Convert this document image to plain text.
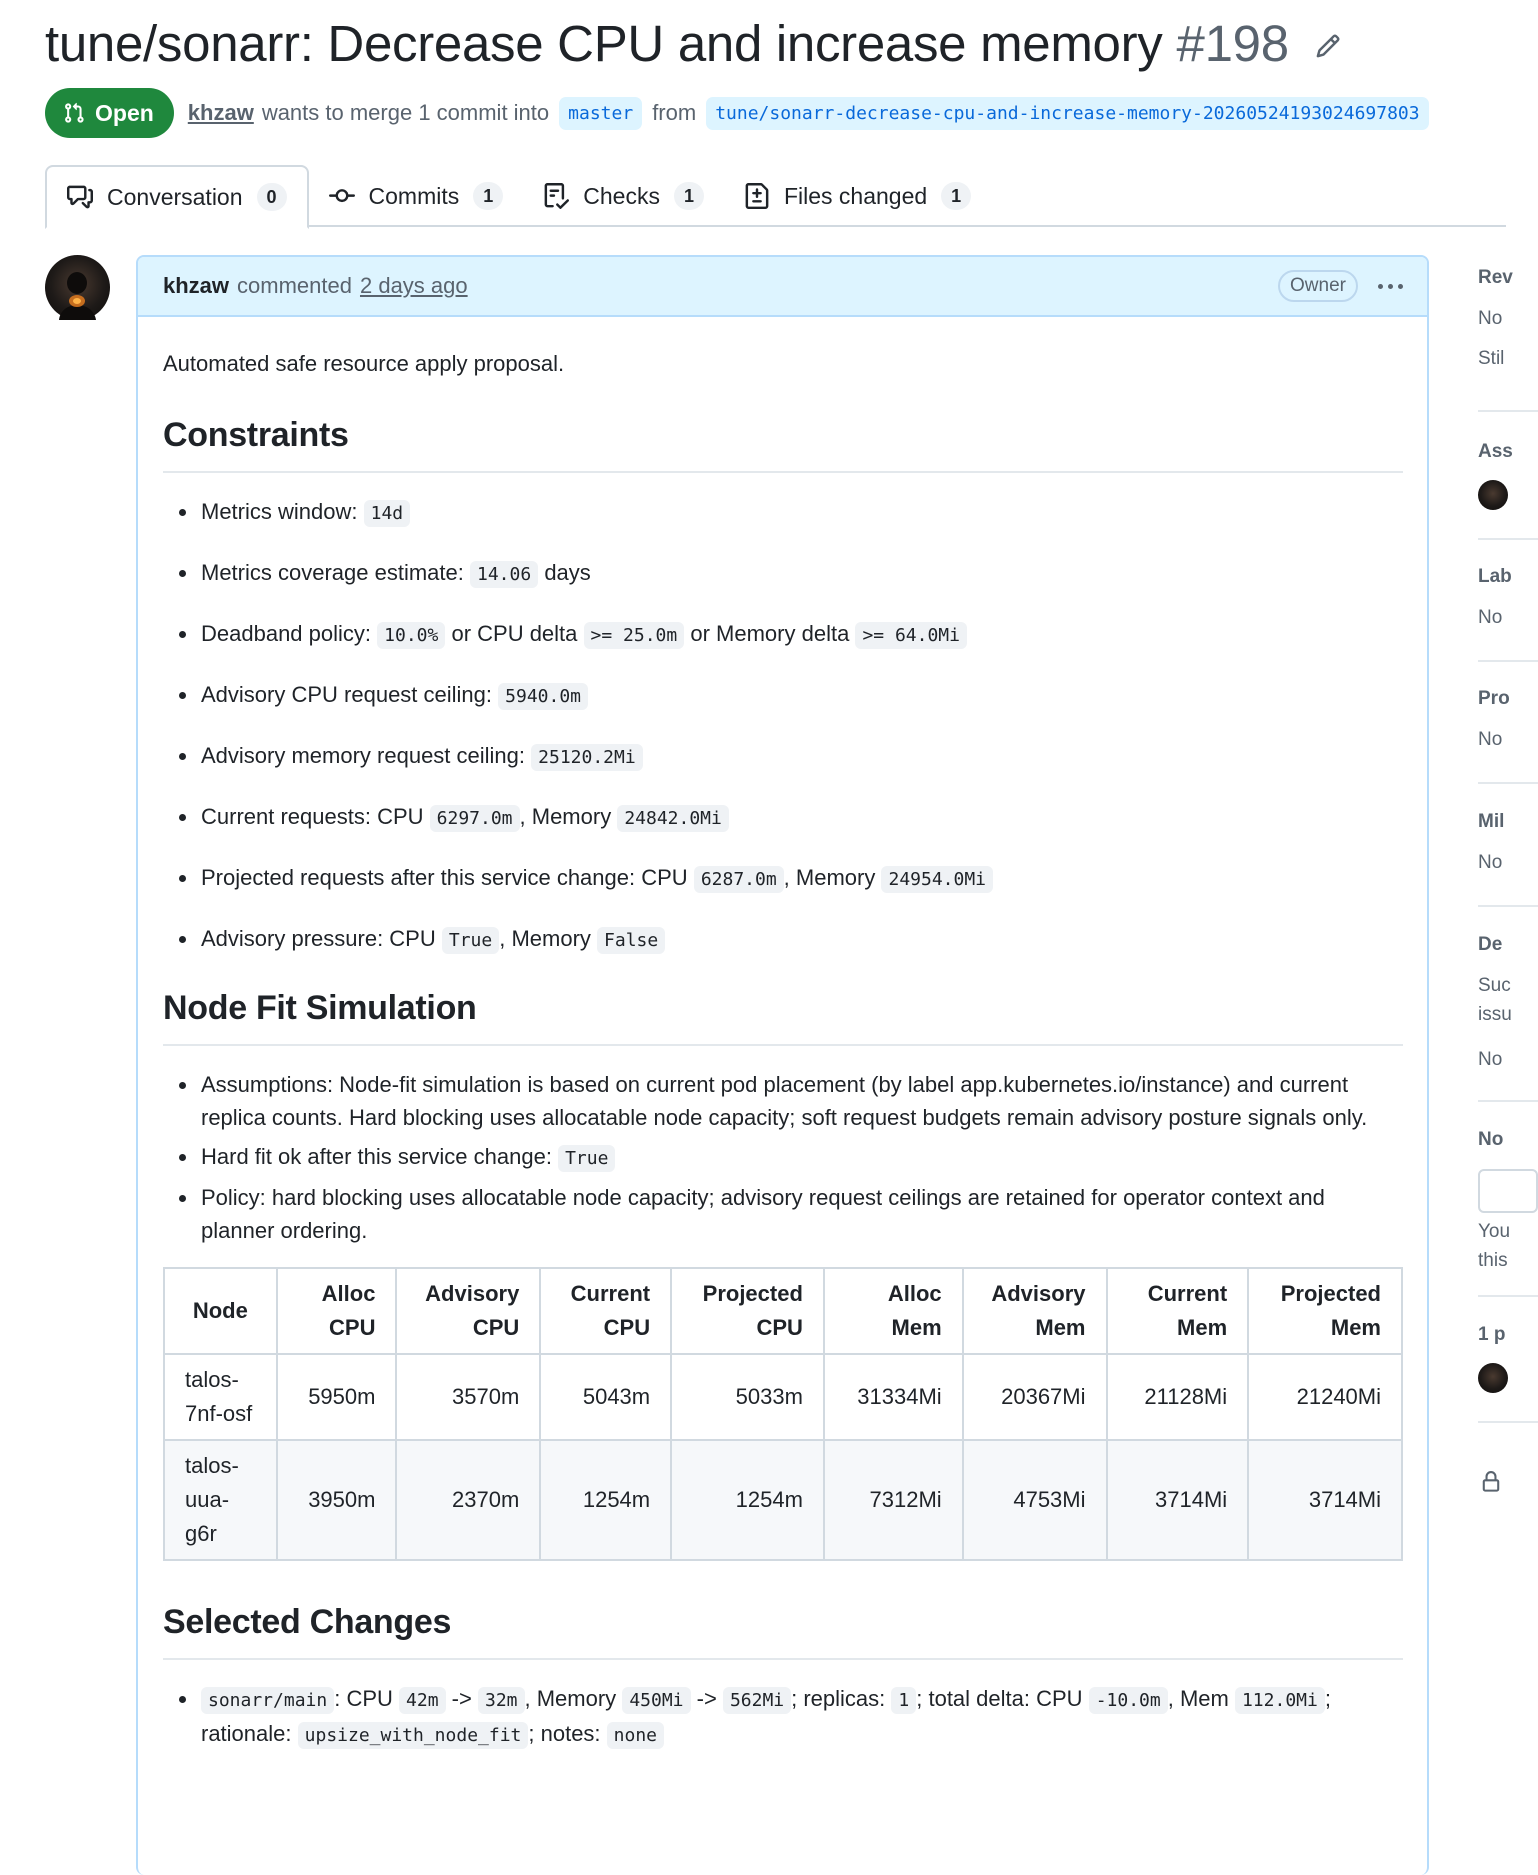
tune/sonarr: Decrease CPU and increase memory #198
Open khzaw wants to merge 1 commit into	master from	tune/sonarr-decrease-cpu-and-increase-memory-20260524193024697803
Conversation	0	Commits	1	Checks	1	Files changed	1
khzaw commented 2 days ago	Owner

Automated safe resource apply proposal.

Constraints
Metrics window: 14d
Metrics coverage estimate: 14.06 days
Deadband policy: 10.0% or CPU delta >= 25.0m or Memory delta >= 64.0Mi
Advisory CPU request ceiling: 5940.0m
Advisory memory request ceiling: 25120.2Mi
Current requests: CPU 6297.0m , Memory 24842.0Mi
Projected requests after this service change: CPU 6287.0m , Memory 24954.0Mi
Advisory pressure: CPU True , Memory False
Node Fit Simulation
Assumptions: Node-fit simulation is based on current pod placement (by label app.kubernetes.io/instance) and current replica counts. Hard blocking uses allocatable node capacity; soft request budgets remain advisory posture signals only.
Hard fit ok after this service change: True
Policy: hard blocking uses allocatable node capacity; advisory request ceilings are retained for operator context and planner ordering.
Node	Alloc CPU	Advisory CPU	Current CPU	Projected CPU	Alloc Mem	Advisory Mem	Current Mem	Projected Mem
talos-7nf-osf	5950m	3570m	5043m	5033m	31334Mi	20367Mi	21128Mi	21240Mi
talos-uua-g6r	3950m	2370m	1254m	1254m	7312Mi	4753Mi	3714Mi	3714Mi
Selected Changes
sonarr/main : CPU 42m -> 32m , Memory 450Mi -> 562Mi ; replicas: 1 ; total delta: CPU -10.0m , Mem 112.0Mi ; rationale: upsize_with_node_fit ; notes: none
Rev
No
Stil
Ass
Lab
No
Pro
No
Mil
No
De
Suc
issu
No
No
You
this
1 p
